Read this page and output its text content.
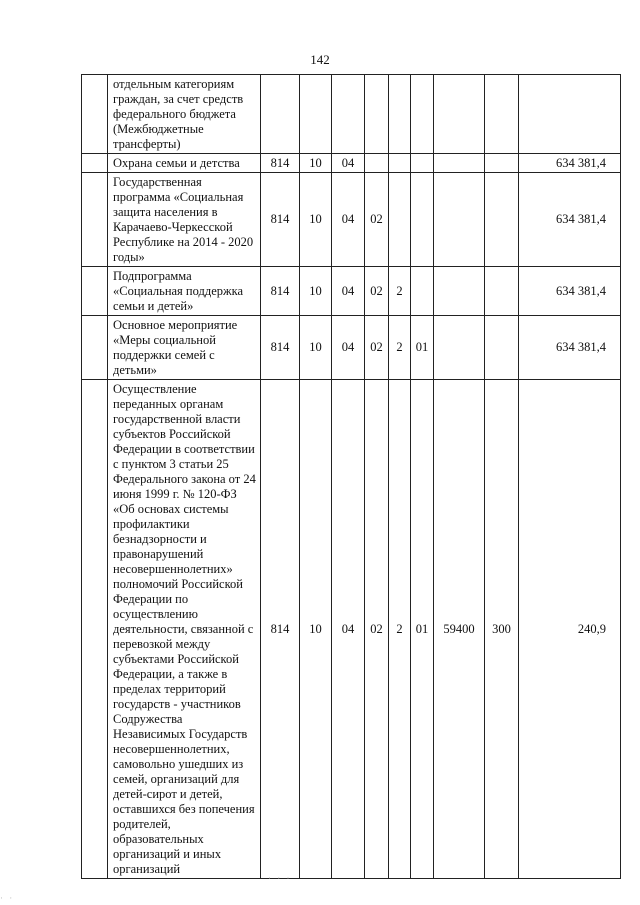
142
	отдельным категориям граждан, за счет средств федерального бюджета (Межбюджетные трансферты)									
	Охрана семьи и детства	814	10	04						634 381,4
	Государственная программа «Социальная защита населения в Карачаево-Черкесской Республике на 2014 - 2020 годы»	814	10	04	02					634 381,4
	Подпрограмма «Социальная поддержка семьи и детей»	814	10	04	02	2				634 381,4
	Основное мероприятие «Меры социальной поддержки семей с детьми»	814	10	04	02	2	01			634 381,4
	Осуществление переданных органам государственной власти субъектов Российской Федерации в соответствии с пунктом 3 статьи 25 Федерального закона от 24 июня 1999 г. № 120-ФЗ «Об основах системы профилактики безнадзорности и правонарушений несовершеннолетних» полномочий Российской Федерации по осуществлению деятельности, связанной с перевозкой между субъектами Российской Федерации, а также в пределах территорий государств - участников Содружества Независимых Государств несовершеннолетних, самовольно ушедших из семей, организаций для детей-сирот и детей, оставшихся без попечения родителей, образовательных организаций и иных организаций	814	10	04	02	2	01	59400	300	240,9
· · ·
· ·
